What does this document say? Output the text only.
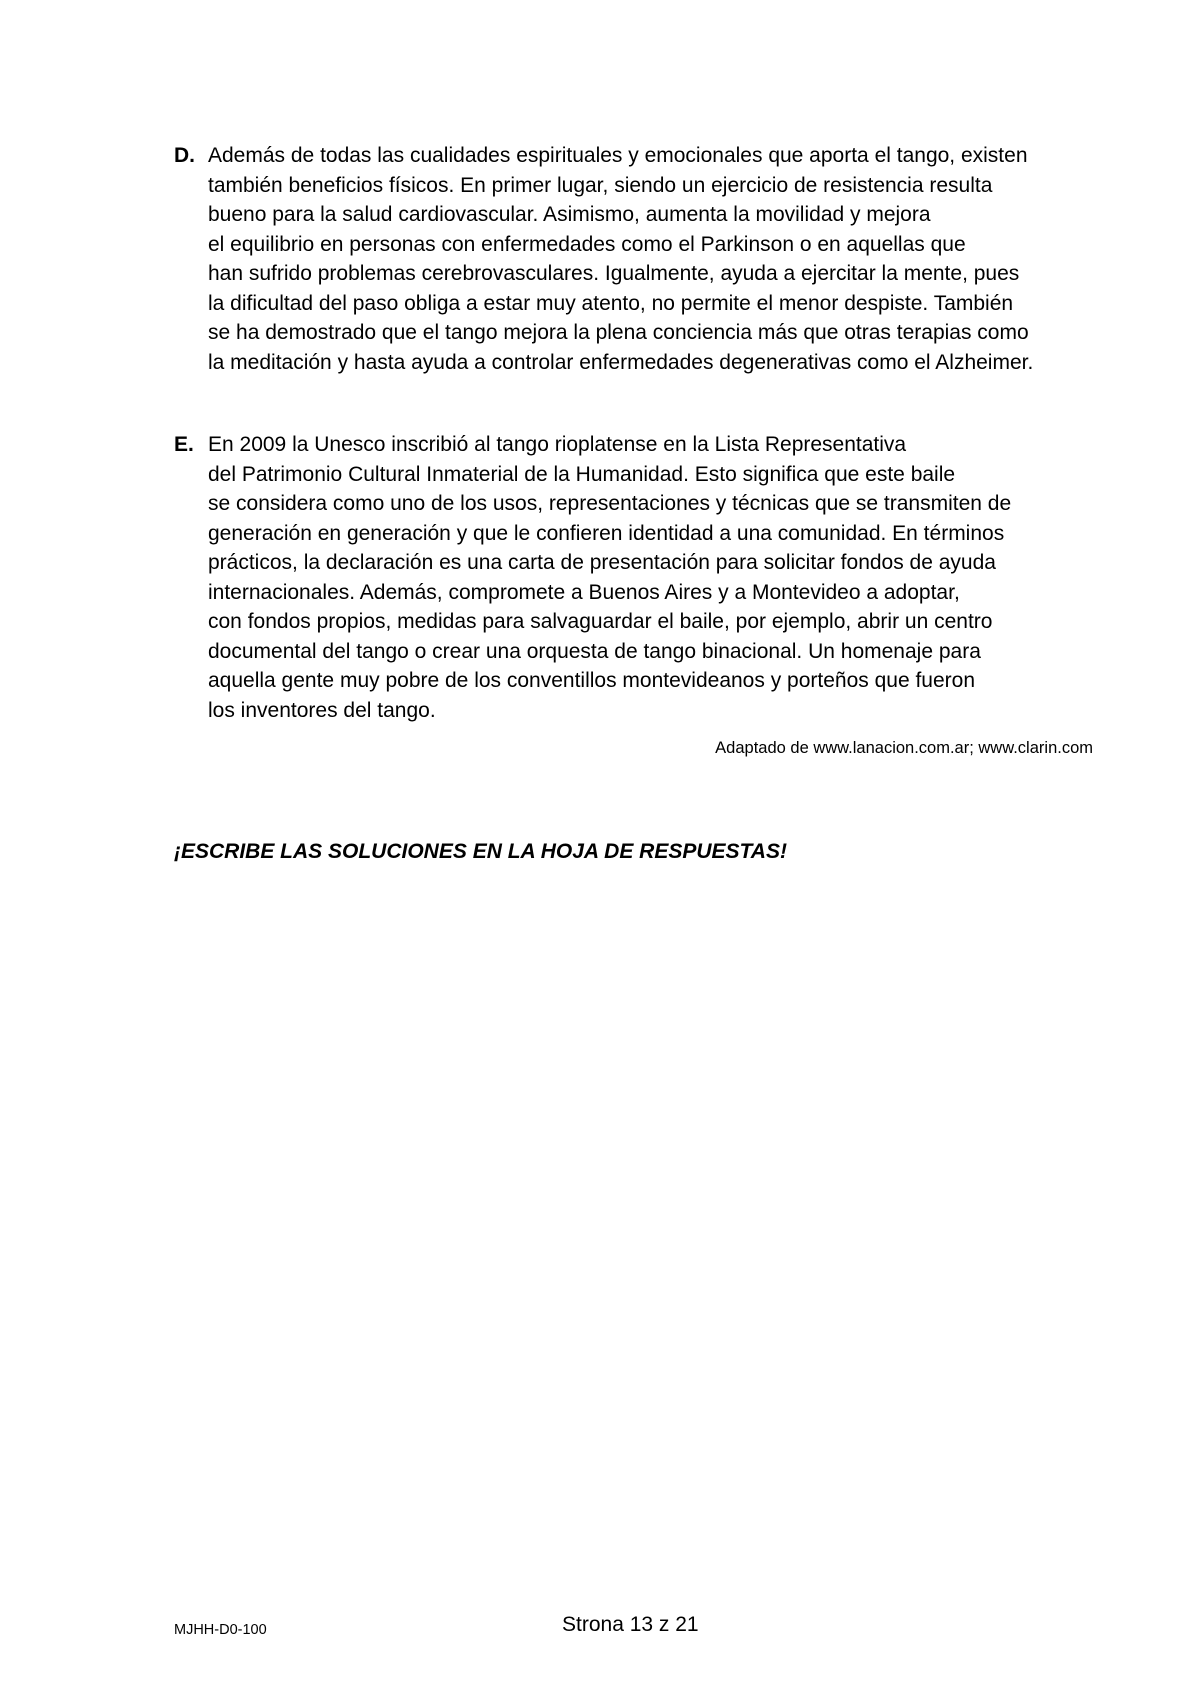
D. Además de todas las cualidades espirituales y emocionales que aporta el tango, existen
también beneficios físicos. En primer lugar, siendo un ejercicio de resistencia resulta
bueno para la salud cardiovascular. Asimismo, aumenta la movilidad y mejora
el equilibrio en personas con enfermedades como el Parkinson o en aquellas que
han sufrido problemas cerebrovasculares. Igualmente, ayuda a ejercitar la mente, pues
la dificultad del paso obliga a estar muy atento, no permite el menor despiste. También
se ha demostrado que el tango mejora la plena conciencia más que otras terapias como
la meditación y hasta ayuda a controlar enfermedades degenerativas como el Alzheimer.
E. En 2009 la Unesco inscribió al tango rioplatense en la Lista Representativa
del Patrimonio Cultural Inmaterial de la Humanidad. Esto significa que este baile
se considera como uno de los usos, representaciones y técnicas que se transmiten de
generación en generación y que le confieren identidad a una comunidad. En términos
prácticos, la declaración es una carta de presentación para solicitar fondos de ayuda
internacionales. Además, compromete a Buenos Aires y a Montevideo a adoptar,
con fondos propios, medidas para salvaguardar el baile, por ejemplo, abrir un centro
documental del tango o crear una orquesta de tango binacional. Un homenaje para
aquella gente muy pobre de los conventillos montevideanos y porteños que fueron
los inventores del tango.
Adaptado de www.lanacion.com.ar; www.clarin.com
¡ESCRIBE LAS SOLUCIONES EN LA HOJA DE RESPUESTAS!
MJHH-D0-100	Strona 13 z 21
